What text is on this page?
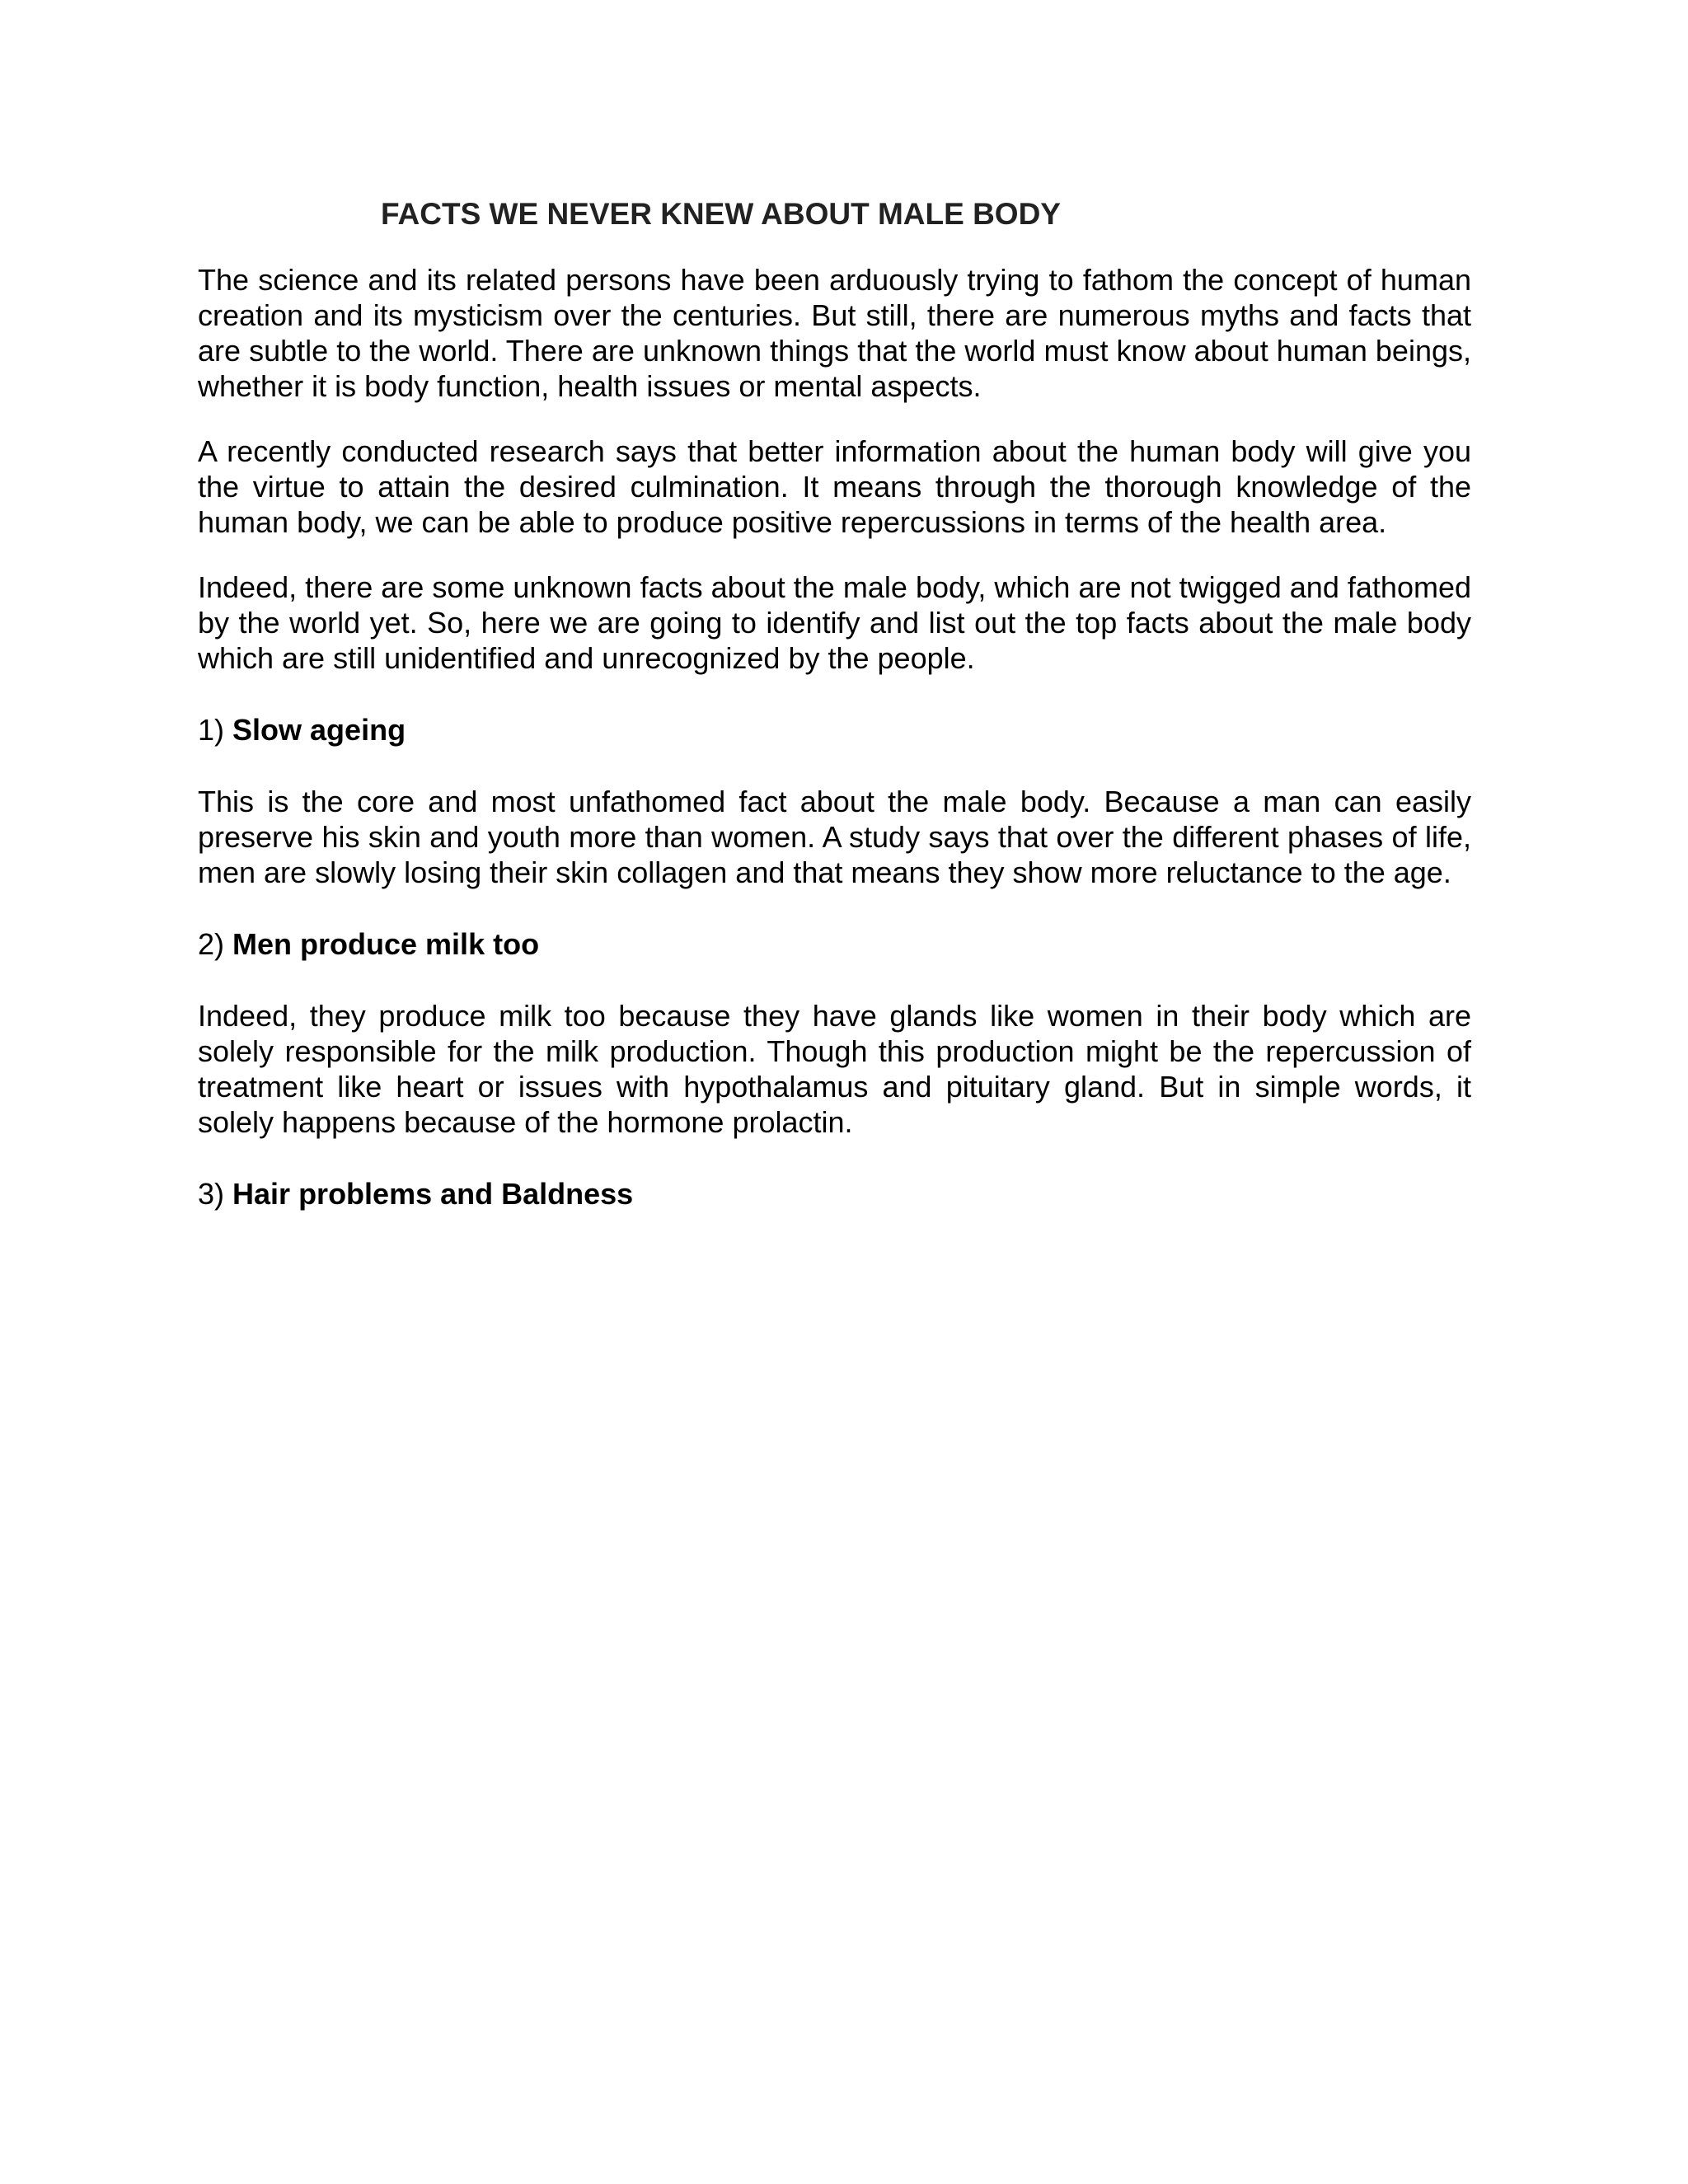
FACTS WE NEVER KNEW ABOUT MALE BODY

The science and its related persons have been arduously trying to fathom the concept of human creation and its mysticism over the centuries. But still, there are numerous myths and facts that are subtle to the world. There are unknown things that the world must know about human beings, whether it is body function, health issues or mental aspects.

A recently conducted research says that better information about the human body will give you the virtue to attain the desired culmination. It means through the thorough knowledge of the human body, we can be able to produce positive repercussions in terms of the health area.

Indeed, there are some unknown facts about the male body, which are not twigged and fathomed by the world yet. So, here we are going to identify and list out the top facts about the male body which are still unidentified and unrecognized by the people.

1) Slow ageing

This is the core and most unfathomed fact about the male body. Because a man can easily preserve his skin and youth more than women. A study says that over the different phases of life, men are slowly losing their skin collagen and that means they show more reluctance to the age.

2) Men produce milk too

Indeed, they produce milk too because they have glands like women in their body which are solely responsible for the milk production. Though this production might be the repercussion of treatment like heart or issues with hypothalamus and pituitary gland. But in simple words, it solely happens because of the hormone prolactin.

3) Hair problems and Baldness
